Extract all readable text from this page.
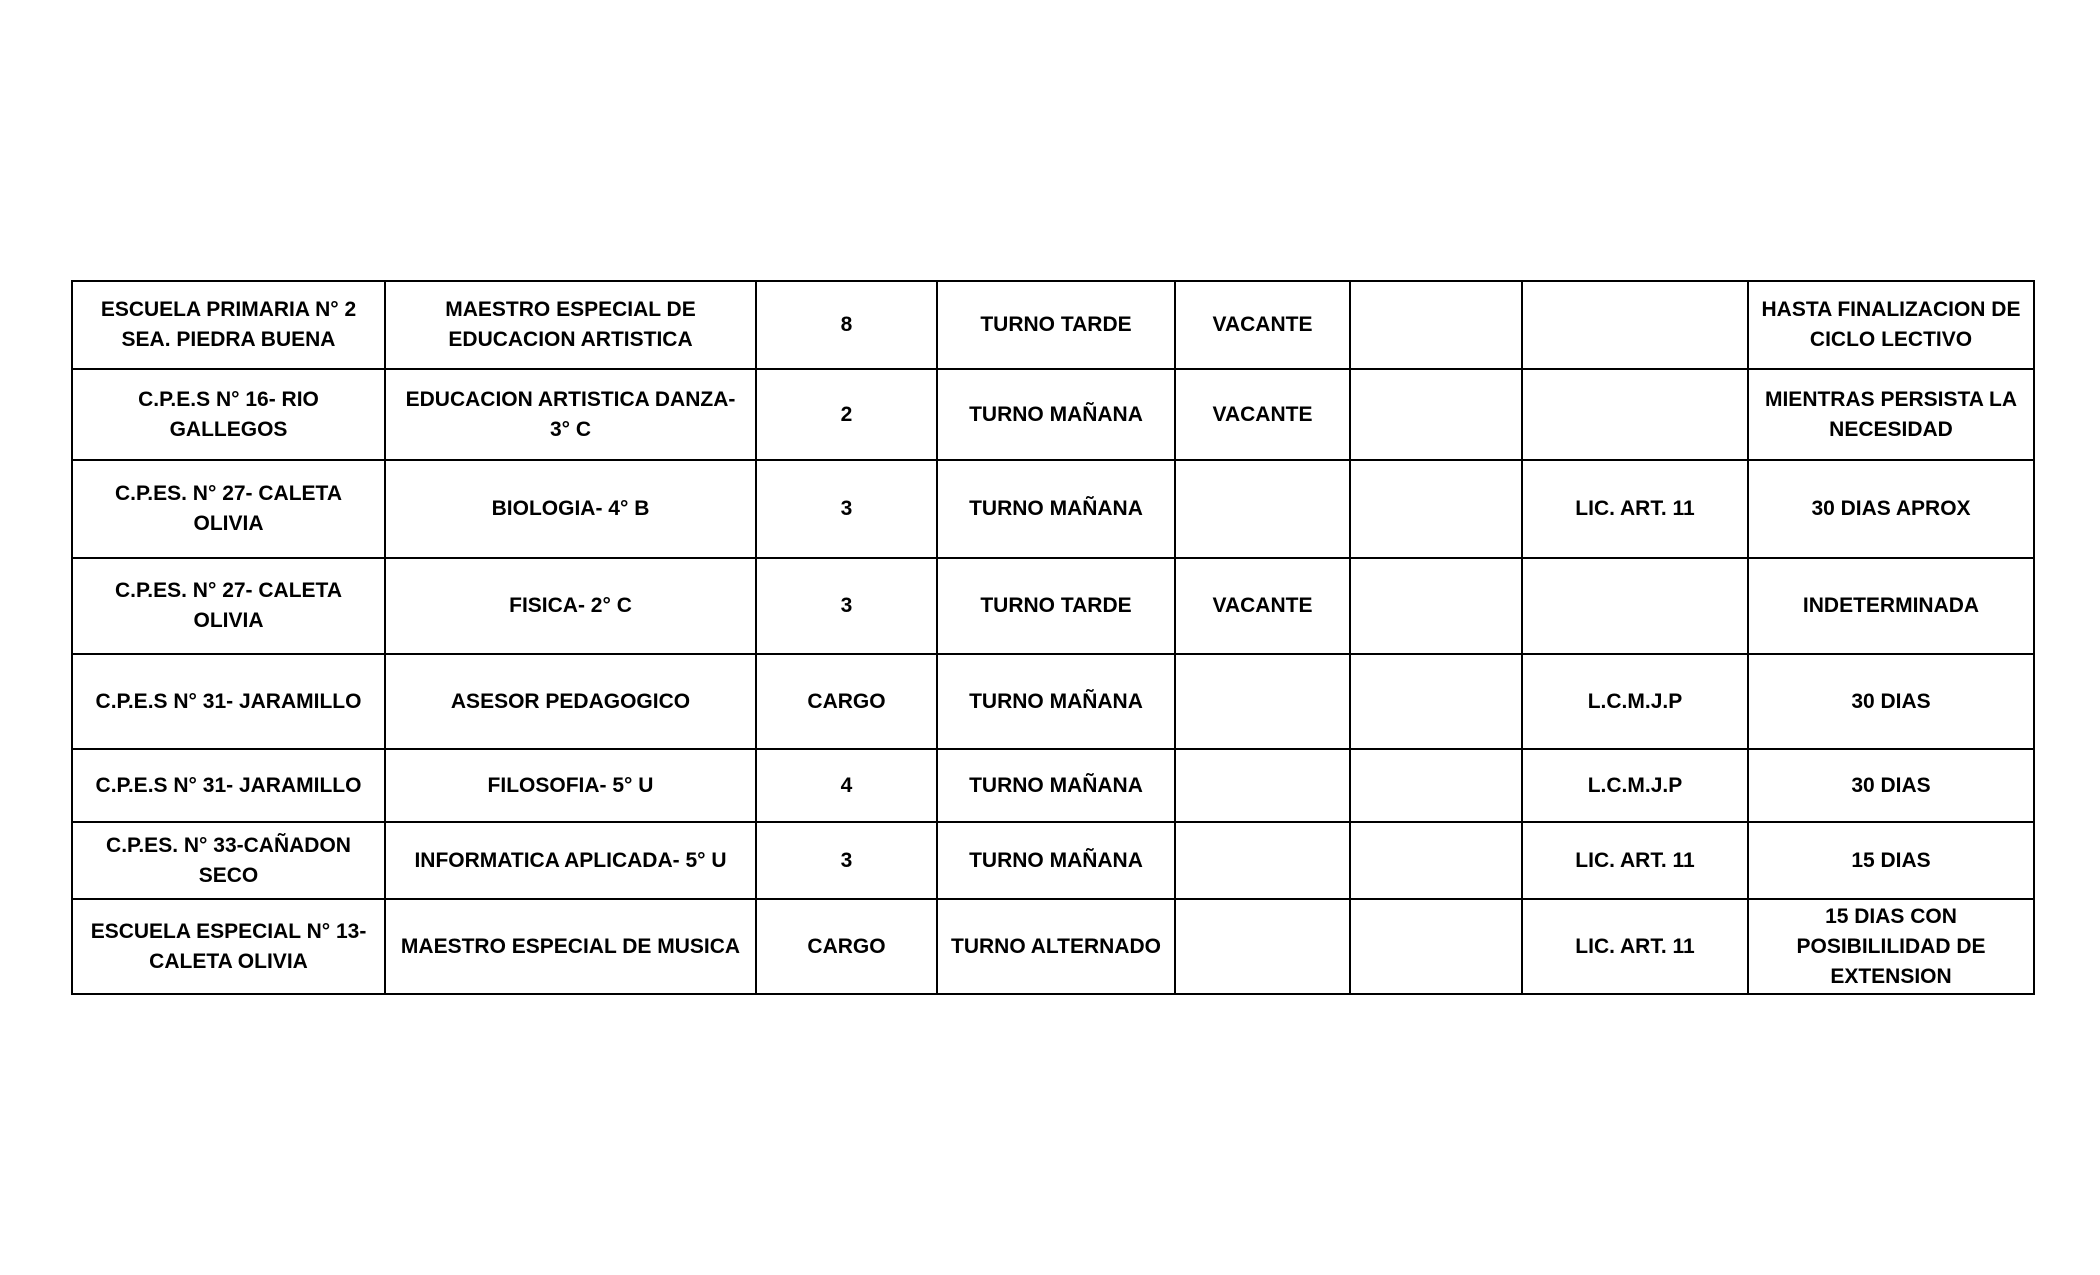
ESCUELA PRIMARIA N° 2 SEA. PIEDRA BUENA	MAESTRO ESPECIAL DE EDUCACION ARTISTICA	8	TURNO TARDE	VACANTE			HASTA FINALIZACION DE CICLO LECTIVO
C.P.E.S N° 16- RIO GALLEGOS	EDUCACION ARTISTICA DANZA- 3° C	2	TURNO MAÑANA	VACANTE			MIENTRAS PERSISTA LA NECESIDAD
C.P.ES. N° 27- CALETA OLIVIA	BIOLOGIA- 4° B	3	TURNO MAÑANA			LIC. ART. 11	30 DIAS APROX
C.P.ES. N° 27- CALETA OLIVIA	FISICA- 2° C	3	TURNO TARDE	VACANTE			INDETERMINADA
C.P.E.S N° 31- JARAMILLO	ASESOR PEDAGOGICO	CARGO	TURNO MAÑANA			L.C.M.J.P	30 DIAS
C.P.E.S N° 31- JARAMILLO	FILOSOFIA- 5° U	4	TURNO MAÑANA			L.C.M.J.P	30 DIAS
C.P.ES. N° 33-CAÑADON SECO	INFORMATICA APLICADA- 5° U	3	TURNO MAÑANA			LIC. ART. 11	15 DIAS
ESCUELA ESPECIAL N° 13- CALETA OLIVIA	MAESTRO ESPECIAL DE MUSICA	CARGO	TURNO ALTERNADO			LIC. ART. 11	15 DIAS CON POSIBILILIDAD DE EXTENSION
